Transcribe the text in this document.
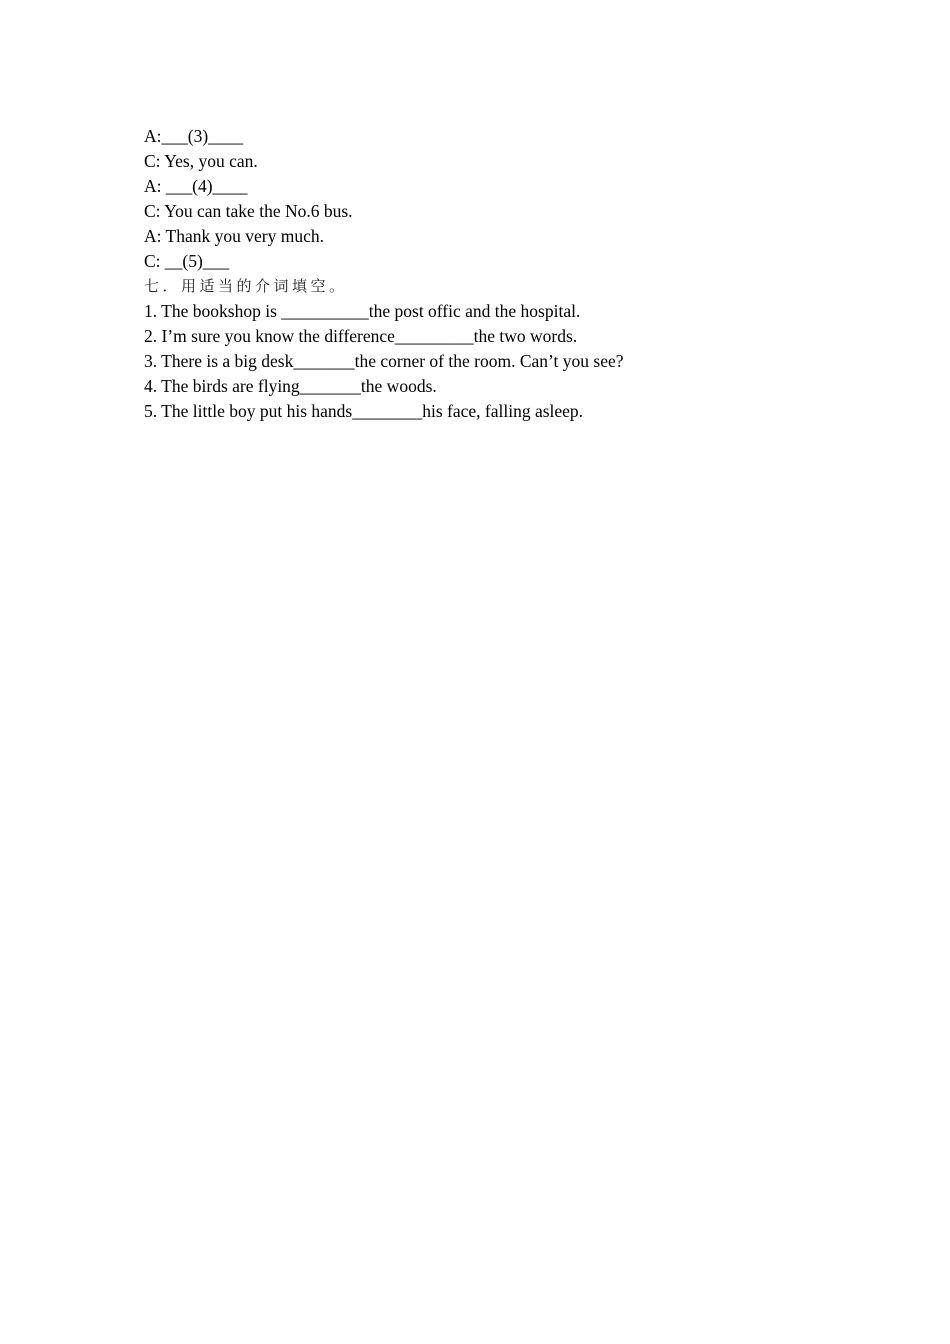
A:___(3)____
C: Yes, you can.
A: ___(4)____
C: You can take the No.6 bus.
A: Thank you very much.
C: __(5)___
七．用适当的介词填空。
1. The bookshop is __________the post offic and the hospital.
2. I’m sure you know the difference_________the two words.
3. There is a big desk_______the corner of the room. Can’t you see?
4. The birds are flying_______the woods.
5. The little boy put his hands________his face, falling asleep.
